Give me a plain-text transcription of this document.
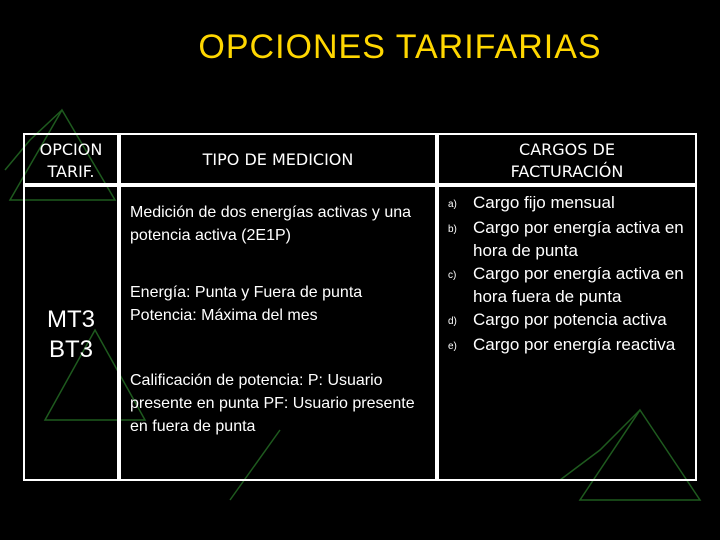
OPCIONES TARIFARIAS
OPCION TARIF.
TIPO DE MEDICION
CARGOS DE FACTURACIÓN
MT3
BT3
Medición de dos energías activas y una potencia activa (2E1P)
Energía: Punta y Fuera de punta Potencia: Máxima del mes
Calificación de potencia: P: Usuario presente en punta PF: Usuario presente en fuera de punta
a) Cargo fijo mensual
b) Cargo por energía activa en hora de punta
c) Cargo por energía activa en hora fuera de punta
d) Cargo por potencia activa
e) Cargo por energía reactiva
